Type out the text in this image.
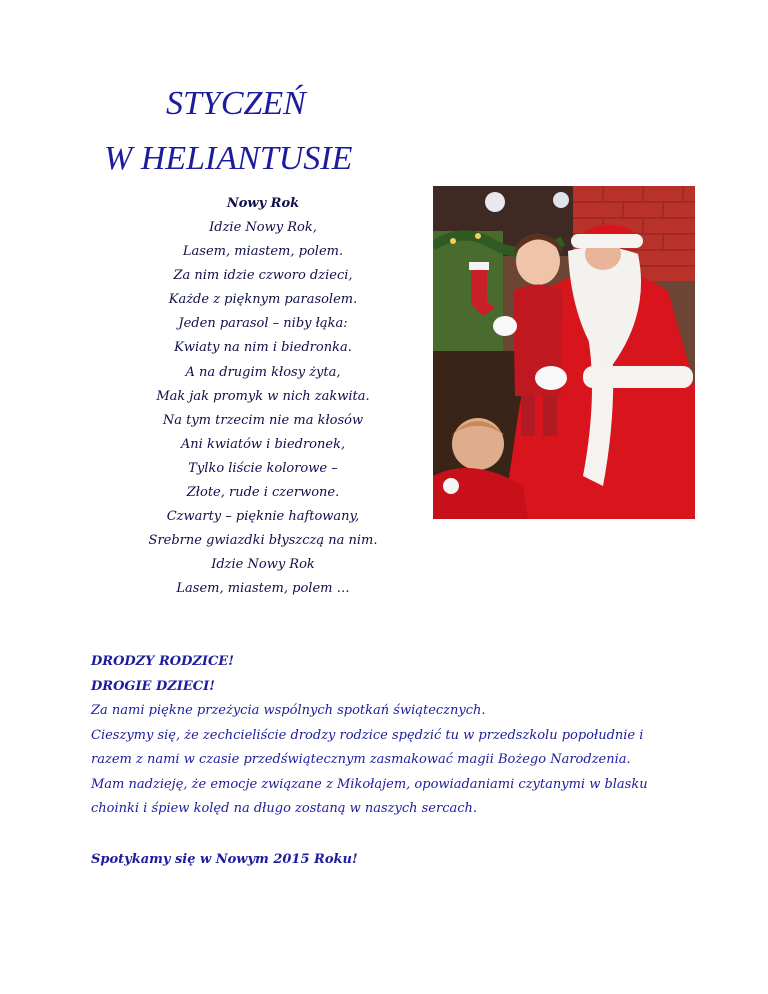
STYCZEŃ
W HELIANTUSIE
Nowy Rok
Idzie Nowy Rok,
Lasem, miastem, polem.
Za nim idzie czworo dzieci,
Każde z pięknym parasolem.
Jeden parasol – niby łąka:
Kwiaty na nim i biedronka.
A na drugim kłosy żyta,
Mak jak promyk w nich zakwita.
Na tym trzecim nie ma kłosów
Ani kwiatów i biedronek,
Tylko liście kolorowe –
Złote, rude i czerwone.
Czwarty – pięknie haftowany,
Srebrne gwiazdki błyszczą na nim.
Idzie Nowy Rok
Lasem, miastem, polem …
DRODZY RODZICE!
DROGIE DZIECI!
Za nami piękne przeżycia wspólnych spotkań świątecznych.
Cieszymy się, że zechcieliście drodzy rodzice spędzić tu w przedszkolu popołudnie i
razem z nami w czasie przedświątecznym zasmakować magii Bożego Narodzenia.
Mam nadzieję, że emocje związane z Mikołajem, opowiadaniami czytanymi w blasku
choinki i śpiew kolęd na długo zostaną w naszych sercach.
Spotykamy się w Nowym 2015 Roku!
